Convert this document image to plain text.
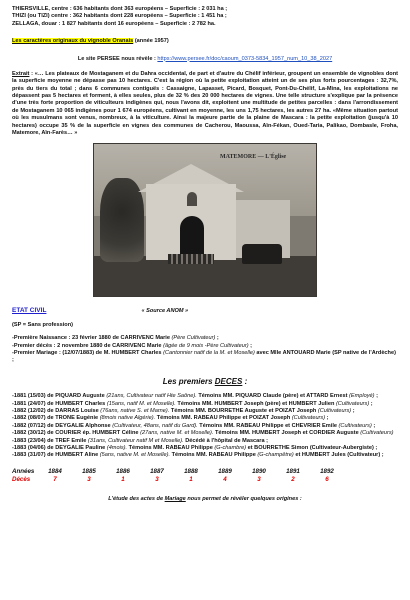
THIERSVILLE, centre : 636 habitants dont 363 européens – Superficie : 2 031 ha ;
THIZI (ou TIZI) centre : 362 habitants dont 228 européens – Superficie : 1 451 ha ;
ZELLAGA, douar : 1 827 habitants dont 16 européens – Superficie : 2 782 ha.
Les caractères originaux du vignoble Oranais (année 1957)
Le site PERSEE nous révèle : https://www.persee.fr/doc/caoum_0373-5834_1957_num_10_38_2027
Extrait : «… Les plateaux de Mostaganem et du Dahra occidental, de part et d'autre du Chélif inférieur, groupent un ensemble de vignobles dont la superficie moyenne ne dépasse pas 10 hectares. C'est la région où la petite exploitation atteint un de ses plus forts pourcentages : 32,7%, près du tiers du total ; dans 6 communes contiguës : Cassaigne, Lapasset, Picard, Bosquet, Pont-Du-Chélif, La-Mina, les exploitations ne dépassent pas 5 hectares et forment, à elles seules, plus de 32 % des 20 000 hectares de vignes. Une telle structure s'explique par la présence d'une très forte proportion de viticulteurs indigènes qui, nous l'avons dit, exploitent une multitude de petites parcelles : dans l'arrondissement de Mostaganem 10 065 indigènes pour 1 674 européens, cultivant en moyenne, les uns 1,75 hectares, les autres 27 ha. «Même situation partout où les musulmans sont venus, nombreux, à la viticulture. Ainsi la majeure partie de la plaine de Mascara : la petite exploitation (jusqu'à 10 hectares) occupe 35 % de la superficie en vignes des communes de Cacherou, Maoussa, Aïn-Fékan, Oued-Taria, Palikao, Dombasle, Froha, Matemore, Aïn-Farès… »
MATEMORE — L'Église
ETAT CIVIL	« Source ANOM »
(SP = Sans profession)
-Première Naissance : 23 février 1880 de CARRIVENC Marie (Père Cultivateur) ;
-Premier décès : 2 novembre 1880 de CARRIVENC Marie (âgée de 9 mois -Père Cultivateur) ;
-Premier Mariage : (12/07/1883) de M. HUMBERT Charles (Cantonnier natif de la M. et Moselle) avec Mlle ANTOUARD Marie (SP native de l'Ardèche) ;
Les premiers DECES :
-1881 (15/03) de PIQUARD Auguste (21ans, Cultivateur natif Hte Saône). Témoins MM. PIQUARD Claude (père) et ATTARD Ernest (Employé) ;
-1881 (24/07) de HUMBERT Charles (15ans, natif M. et Moselle). Témoins MM. HUMBERT Joseph (père) et HUMBERT Julien (Cultivateurs) ;
-1882 (12/02) de DARRAS Louise (76ans, native S. et Marne). Témoins MM. BOURRETHE Auguste et POIZAT Joseph (Cultivateurs) ;
-1882 (08/07) de TRONE Eugénie (8mois native Algérie). Témoins MM. RABEAU Philippe et POIZAT Joseph (Cultivateurs) ;
-1882 (07/12) de DEYGALIE Alphonse (Cultivateur, 48ans, natif du Gard). Témoins MM. RABEAU Philippe et CHEVRIER Emile (Cultivateurs) ;
-1882 (30/12) de COURIER ép. HUMBERT Céline (27ans, native M. et Moselle). Témoins MM. HUMBERT Joseph et CORDIER Auguste (Cultivateurs)
-1883 (23/04) de TREF Emile (31ans, Cultivateur natif M et Moselle). Décédé à l'hôpital de Mascara ;
-1883 (04/06) de DEYGALIE Pauline (4mois). Témoins MM. RABEAU Philippe (G-chambre) et BOURRETHE Simon (Cultivateur-Aubergiste) ;
-1883 (31/07) de HUMBERT Aline (5ans, native M. et Moselle). Témoins MM. RABEAU Philippe (G-champêtre) et HUMBERT Jules (Cultivateur) ;
Années	1884	1885	1886	1887	1888	1889	1890	1891	1892
Décès	7	3	1	3	1	4	3	2	6
L'étude des actes de Mariage nous permet de révéler quelques origines :
